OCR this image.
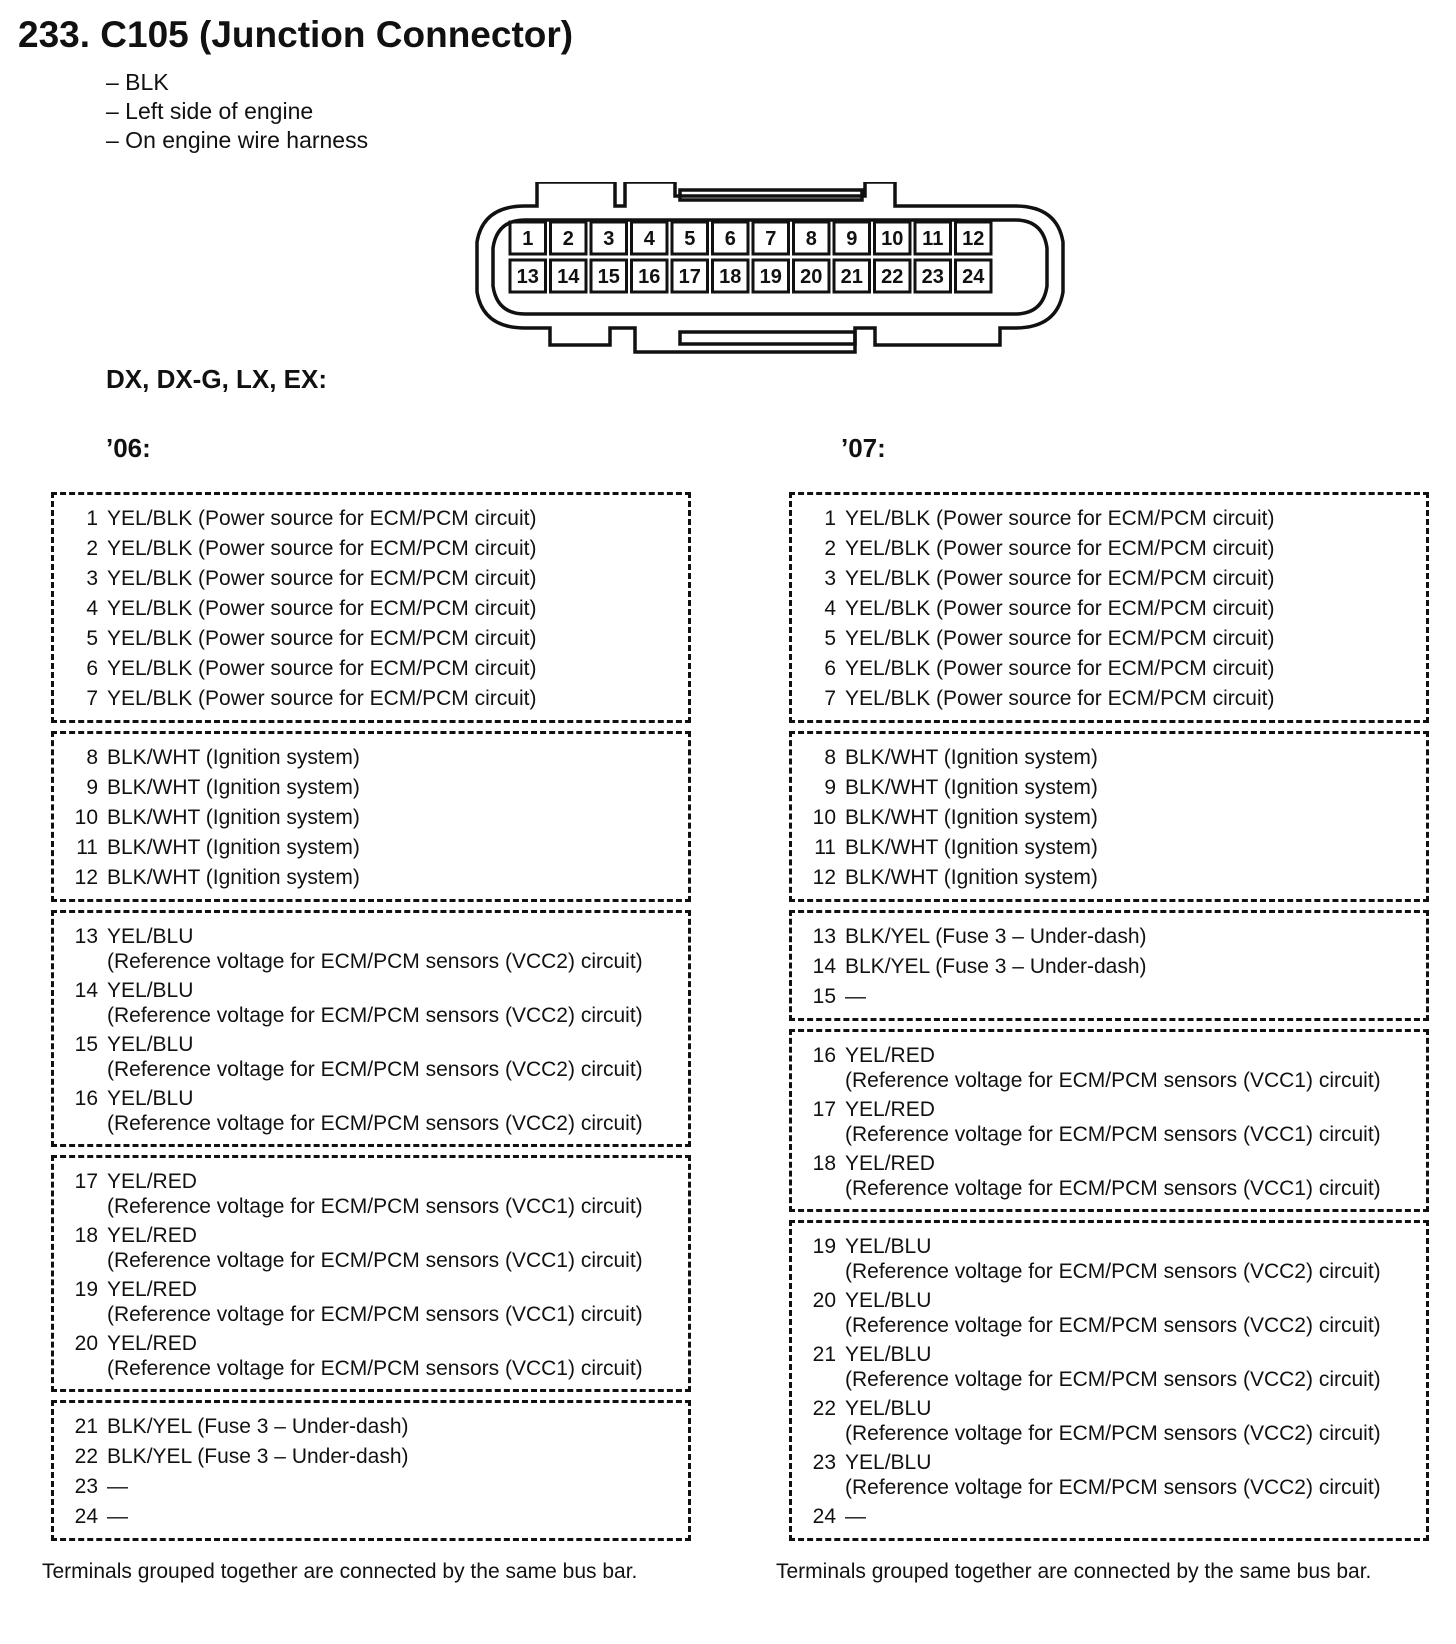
233. C105 (Junction Connector)
– BLK
– Left side of engine
– On engine wire harness
1 2 3 4 5 6 7 8 9 10 11 12
13 14 15 16 17 18 19 20 21 22 23 24
DX, DX-G, LX, EX:
’06:	’07:
1 YEL/BLK (Power source for ECM/PCM circuit)
2 YEL/BLK (Power source for ECM/PCM circuit)
3 YEL/BLK (Power source for ECM/PCM circuit)
4 YEL/BLK (Power source for ECM/PCM circuit)
5 YEL/BLK (Power source for ECM/PCM circuit)
6 YEL/BLK (Power source for ECM/PCM circuit)
7 YEL/BLK (Power source for ECM/PCM circuit)
8 BLK/WHT (Ignition system)
9 BLK/WHT (Ignition system)
10 BLK/WHT (Ignition system)
11 BLK/WHT (Ignition system)
12 BLK/WHT (Ignition system)
13 YEL/BLU
(Reference voltage for ECM/PCM sensors (VCC2) circuit)
14 YEL/BLU
(Reference voltage for ECM/PCM sensors (VCC2) circuit)
15 YEL/BLU
(Reference voltage for ECM/PCM sensors (VCC2) circuit)
16 YEL/BLU
(Reference voltage for ECM/PCM sensors (VCC2) circuit)
17 YEL/RED
(Reference voltage for ECM/PCM sensors (VCC1) circuit)
18 YEL/RED
(Reference voltage for ECM/PCM sensors (VCC1) circuit)
19 YEL/RED
(Reference voltage for ECM/PCM sensors (VCC1) circuit)
20 YEL/RED
(Reference voltage for ECM/PCM sensors (VCC1) circuit)
21 BLK/YEL (Fuse 3 – Under-dash)
22 BLK/YEL (Fuse 3 – Under-dash)
23 —
24 —
1 YEL/BLK (Power source for ECM/PCM circuit)
2 YEL/BLK (Power source for ECM/PCM circuit)
3 YEL/BLK (Power source for ECM/PCM circuit)
4 YEL/BLK (Power source for ECM/PCM circuit)
5 YEL/BLK (Power source for ECM/PCM circuit)
6 YEL/BLK (Power source for ECM/PCM circuit)
7 YEL/BLK (Power source for ECM/PCM circuit)
8 BLK/WHT (Ignition system)
9 BLK/WHT (Ignition system)
10 BLK/WHT (Ignition system)
11 BLK/WHT (Ignition system)
12 BLK/WHT (Ignition system)
13 BLK/YEL (Fuse 3 – Under-dash)
14 BLK/YEL (Fuse 3 – Under-dash)
15 —
16 YEL/RED
(Reference voltage for ECM/PCM sensors (VCC1) circuit)
17 YEL/RED
(Reference voltage for ECM/PCM sensors (VCC1) circuit)
18 YEL/RED
(Reference voltage for ECM/PCM sensors (VCC1) circuit)
19 YEL/BLU
(Reference voltage for ECM/PCM sensors (VCC2) circuit)
20 YEL/BLU
(Reference voltage for ECM/PCM sensors (VCC2) circuit)
21 YEL/BLU
(Reference voltage for ECM/PCM sensors (VCC2) circuit)
22 YEL/BLU
(Reference voltage for ECM/PCM sensors (VCC2) circuit)
23 YEL/BLU
(Reference voltage for ECM/PCM sensors (VCC2) circuit)
24 —
Terminals grouped together are connected by the same bus bar.	Terminals grouped together are connected by the same bus bar.
